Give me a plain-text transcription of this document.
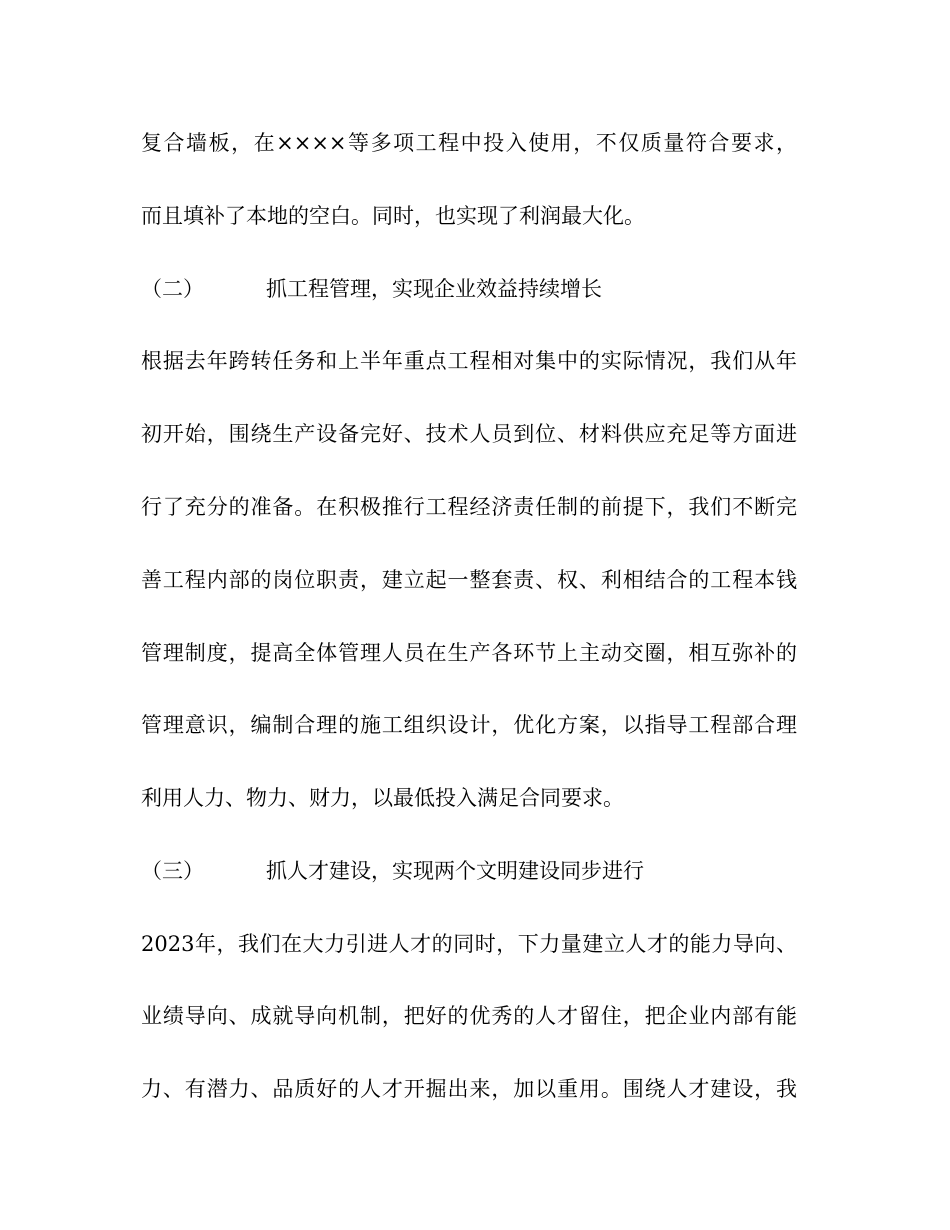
复合墙板，在××××等多项工程中投入使用，不仅质量符合要求，
而且填补了本地的空白。同时，也实现了利润最大化。
（二）	抓工程管理，实现企业效益持续增长
根据去年跨转任务和上半年重点工程相对集中的实际情况，我们从年
初开始，围绕生产设备完好、技术人员到位、材料供应充足等方面进
行了充分的准备。在积极推行工程经济责任制的前提下，我们不断完
善工程内部的岗位职责，建立起一整套责、权、利相结合的工程本钱
管理制度，提高全体管理人员在生产各环节上主动交圈，相互弥补的
管理意识，编制合理的施工组织设计，优化方案，以指导工程部合理
利用人力、物力、财力，以最低投入满足合同要求。
（三）	抓人才建设，实现两个文明建设同步进行
2023年，我们在大力引进人才的同时，下力量建立人才的能力导向、
业绩导向、成就导向机制，把好的优秀的人才留住，把企业内部有能
力、有潜力、品质好的人才开掘出来，加以重用。围绕人才建设，我
